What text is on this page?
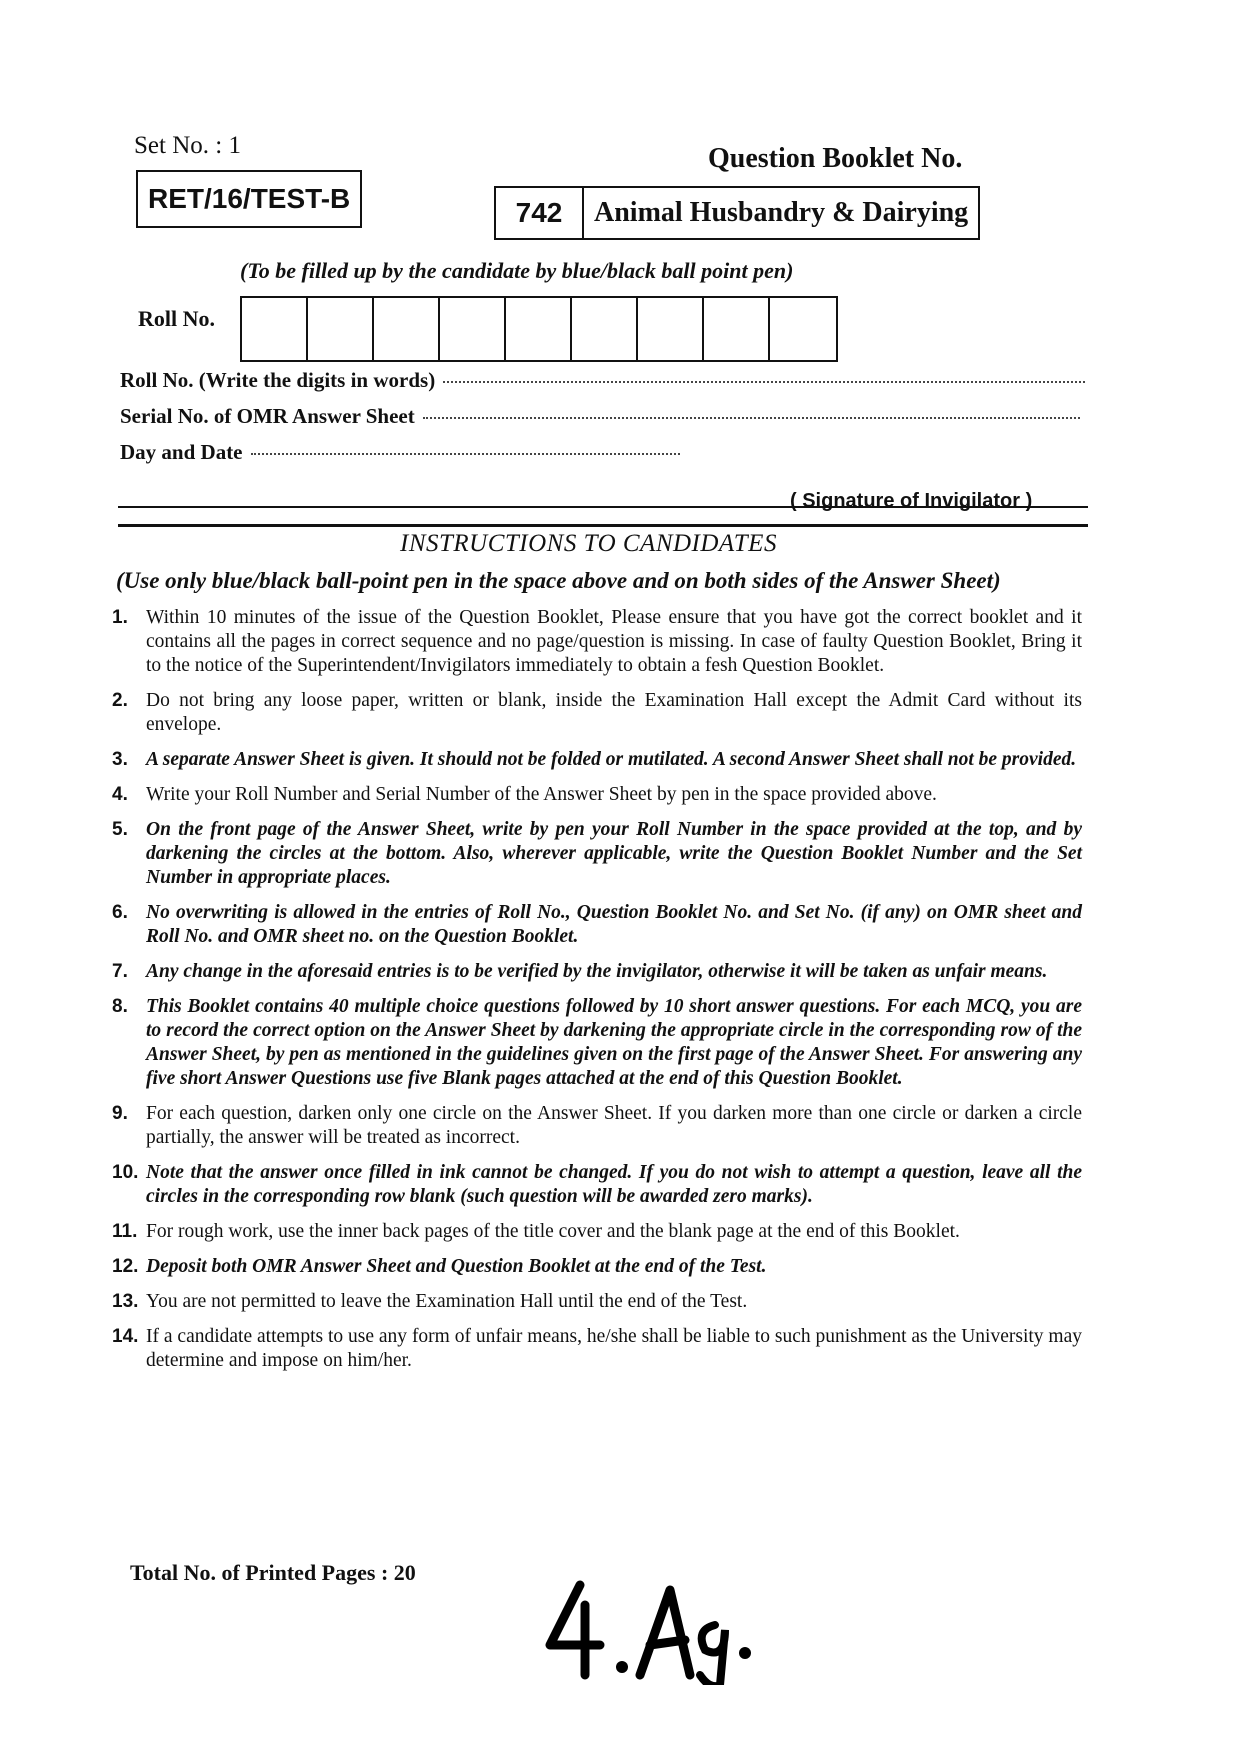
Set No. : 1
RET/16/TEST-B
Question Booklet No.
742	Animal Husbandry & Dairying
(To be filled up by the candidate by blue/black ball point pen)
Roll No.
Roll No. (Write the digits in words)
Serial No. of OMR Answer Sheet
Day and Date
( Signature of Invigilator )
INSTRUCTIONS TO CANDIDATES
(Use only blue/black ball-point pen in the space above and on both sides of the Answer Sheet)
1. Within 10 minutes of the issue of the Question Booklet, Please ensure that you have got the correct booklet and it contains all the pages in correct sequence and no page/question is missing. In case of faulty Question Booklet, Bring it to the notice of the Superintendent/Invigilators immediately to obtain a fesh Question Booklet.
2. Do not bring any loose paper, written or blank, inside the Examination Hall except the Admit Card without its envelope.
3. A separate Answer Sheet is given. It should not be folded or mutilated. A second Answer Sheet shall not be provided.
4. Write your Roll Number and Serial Number of the Answer Sheet by pen in the space provided above.
5. On the front page of the Answer Sheet, write by pen your Roll Number in the space provided at the top, and by darkening the circles at the bottom. Also, wherever applicable, write the Question Booklet Number and the Set Number in appropriate places.
6. No overwriting is allowed in the entries of Roll No., Question Booklet No. and Set No. (if any) on OMR sheet and Roll No. and OMR sheet no. on the Question Booklet.
7. Any change in the aforesaid entries is to be verified by the invigilator, otherwise it will be taken as unfair means.
8. This Booklet contains 40 multiple choice questions followed by 10 short answer questions. For each MCQ, you are to record the correct option on the Answer Sheet by darkening the appropriate circle in the corresponding row of the Answer Sheet, by pen as mentioned in the guidelines given on the first page of the Answer Sheet. For answering any five short Answer Questions use five Blank pages attached at the end of this Question Booklet.
9. For each question, darken only one circle on the Answer Sheet. If you darken more than one circle or darken a circle partially, the answer will be treated as incorrect.
10. Note that the answer once filled in ink cannot be changed. If you do not wish to attempt a question, leave all the circles in the corresponding row blank (such question will be awarded zero marks).
11. For rough work, use the inner back pages of the title cover and the blank page at the end of this Booklet.
12. Deposit both OMR Answer Sheet and Question Booklet at the end of the Test.
13. You are not permitted to leave the Examination Hall until the end of the Test.
14. If a candidate attempts to use any form of unfair means, he/she shall be liable to such punishment as the University may determine and impose on him/her.
Total No. of Printed Pages : 20
